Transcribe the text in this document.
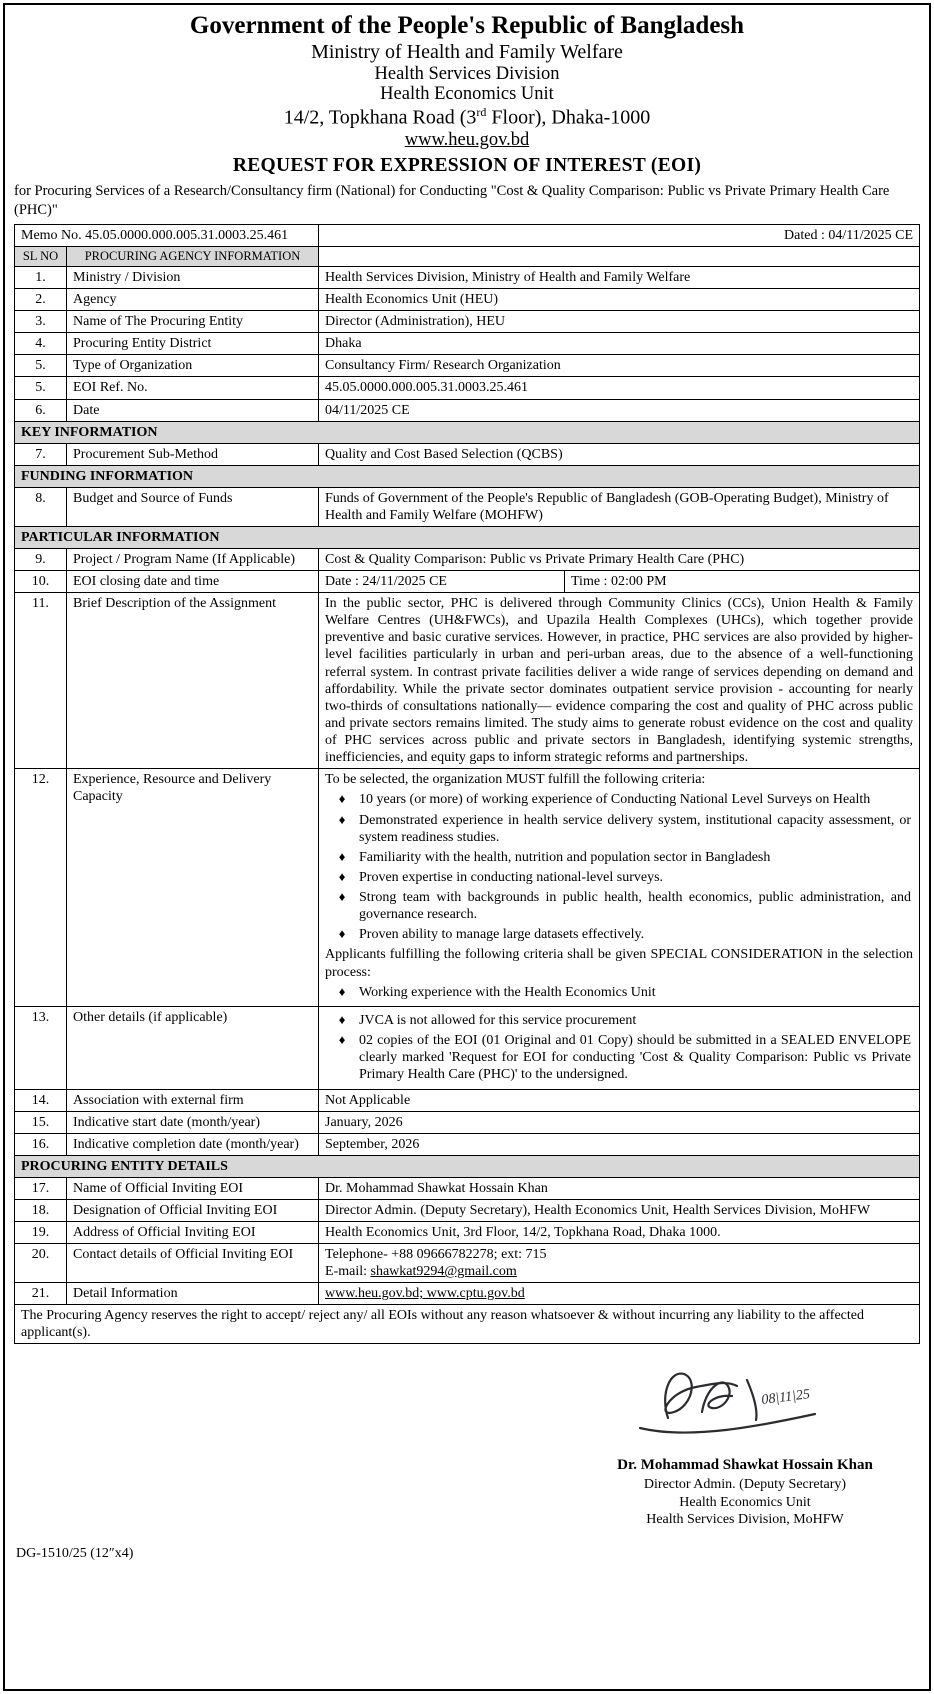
Government of the People's Republic of Bangladesh
Ministry of Health and Family Welfare
Health Services Division
Health Economics Unit
14/2, Topkhana Road (3rd Floor), Dhaka-1000
www.heu.gov.bd
REQUEST FOR EXPRESSION OF INTEREST (EOI)
for Procuring Services of a Research/Consultancy firm (National) for Conducting "Cost & Quality Comparison: Public vs Private Primary Health Care (PHC)"
Memo No. 45.05.0000.000.005.31.0003.25.461		Dated : 04/11/2025 CE
SL NO	PROCURING AGENCY INFORMATION	
1.	Ministry / Division	Health Services Division, Ministry of Health and Family Welfare
2.	Agency	Health Economics Unit (HEU)
3.	Name of The Procuring Entity	Director (Administration), HEU
4.	Procuring Entity District	Dhaka
5.	Type of Organization	Consultancy Firm/ Research Organization
5.	EOI Ref. No.	45.05.0000.000.005.31.0003.25.461
6.	Date	04/11/2025 CE
KEY INFORMATION		
7.	Procurement Sub-Method	Quality and Cost Based Selection (QCBS)
FUNDING INFORMATION		
8.	Budget and Source of Funds	Funds of Government of the People's Republic of Bangladesh (GOB-Operating Budget), Ministry of Health and Family Welfare (MOHFW)
PARTICULAR INFORMATION		
9.	Project / Program Name (If Applicable)	Cost & Quality Comparison: Public vs Private Primary Health Care (PHC)
10.	EOI closing date and time	Date : 24/11/2025 CE Time : 02:00 PM

11.	Brief Description of the Assignment	In the public sector, PHC is delivered through Community Clinics (CCs), Union Health & Family Welfare Centres (UH&FWCs), and Upazila Health Complexes (UHCs), which together provide preventive and basic curative services. However, in practice, PHC services are also provided by higher-level facilities particularly in urban and peri-urban areas, due to the absence of a well-functioning referral system. In contrast private facilities deliver a wide range of services depending on demand and affordability. While the private sector dominates outpatient service provision - accounting for nearly two-thirds of consultations nationally— evidence comparing the cost and quality of PHC across public and private sectors remains limited. The study aims to generate robust evidence on the cost and quality of PHC services across public and private sectors in Bangladesh, identifying systemic strengths, inefficiencies, and equity gaps to inform strategic reforms and partnerships.
12.	Experience, Resource and Delivery Capacity	
To be selected, the organization MUST fulfill the following criteria:
♦ 10 years (or more) of working experience of Conducting National Level Surveys on Health
♦ Demonstrated experience in health service delivery system, institutional capacity assessment, or system readiness studies.
♦ Familiarity with the health, nutrition and population sector in Bangladesh
♦ Proven expertise in conducting national-level surveys.
♦ Strong team with backgrounds in public health, health economics, public administration, and governance research.
♦ Proven ability to manage large datasets effectively.
Applicants fulfilling the following criteria shall be given SPECIAL CONSIDERATION in the selection process:
♦ Working experience with the Health Economics Unit

13.	Other details (if applicable)	♦ JVCA is not allowed for this service procurement
♦ 02 copies of the EOI (01 Original and 01 Copy) should be submitted in a SEALED ENVELOPE clearly marked 'Request for EOI for conducting 'Cost & Quality Comparison: Public vs Private Primary Health Care (PHC)' to the undersigned.

14.	Association with external firm	Not Applicable
15.	Indicative start date (month/year)	January, 2026
16.	Indicative completion date (month/year)	September, 2026
PROCURING ENTITY DETAILS		
17.	Name of Official Inviting EOI	Dr. Mohammad Shawkat Hossain Khan
18.	Designation of Official Inviting EOI	Director Admin. (Deputy Secretary), Health Economics Unit, Health Services Division, MoHFW
19.	Address of Official Inviting EOI	Health Economics Unit, 3rd Floor, 14/2, Topkhana Road, Dhaka 1000.
20.	Contact details of Official Inviting EOI	Telephone- +88 09666782278; ext: 715
E-mail: shawkat9294@gmail.com

21.	Detail Information	www.heu.gov.bd; www.cptu.gov.bd
The Procuring Agency reserves the right to accept/ reject any/ all EOIs without any reason whatsoever & without incurring any liability to the affected applicant(s).		
08|11|25
Dr. Mohammad Shawkat Hossain Khan
Director Admin. (Deputy Secretary)
Health Economics Unit
Health Services Division, MoHFW
DG-1510/25 (12″x4)
